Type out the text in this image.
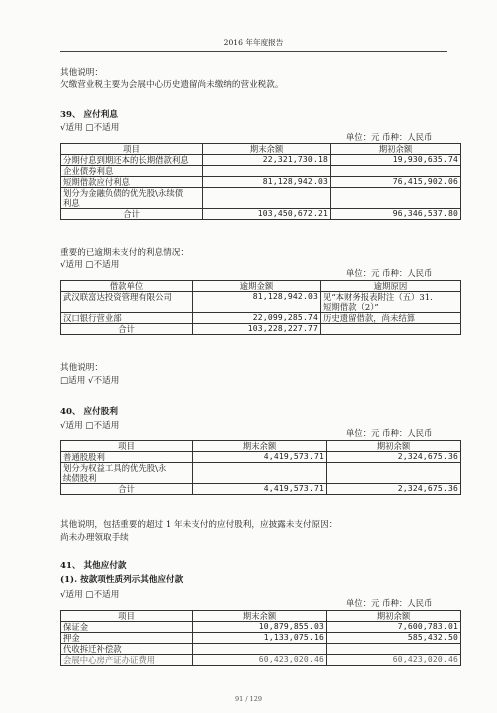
2016 年年度报告
其他说明：
欠缴营业税主要为会展中心历史遗留尚未缴纳的营业税款。
39、 应付利息
√适用 □不适用
单位：元 币种：人民币
项目	期末余额	期初余额
分期付息到期还本的长期借款利息	22,321,730.18	19,930,635.74
企业债券利息		
短期借款应付利息	81,128,942.03	76,415,902.06
划分为金融负债的优先股\永续债		
利息		
合计	103,450,672.21	96,346,537.80
重要的已逾期未支付的利息情况：
√适用 □不适用
单位：元 币种：人民币
借款单位	逾期金额	逾期原因
武汉联富达投资管理有限公司	81,128,942.03	见“本财务报表附注（五）31.
		短期借款（2）”
汉口银行营业部	22,099,285.74	历史遗留借款，尚未结算
合计	103,228,227.77	
其他说明：
□适用 √不适用
40、 应付股利
√适用 □不适用
单位：元 币种：人民币
项目	期末余额	期初余额
普通股股利	4,419,573.71	2,324,675.36
划分为权益工具的优先股\永		
续债股利		
合计	4,419,573.71	2,324,675.36
其他说明，包括重要的超过 1 年未支付的应付股利，应披露未支付原因：
尚未办理领取手续
41、 其他应付款
(1). 按款项性质列示其他应付款
√适用 □不适用
单位：元 币种：人民币
项目	期末余额	期初余额
保证金	10,879,855.03	7,600,783.01
押金	1,133,075.16	585,432.50
代收拆迁补偿款		
会展中心房产证办证费用	60,423,020.46	60,423,020.46
91 / 129
